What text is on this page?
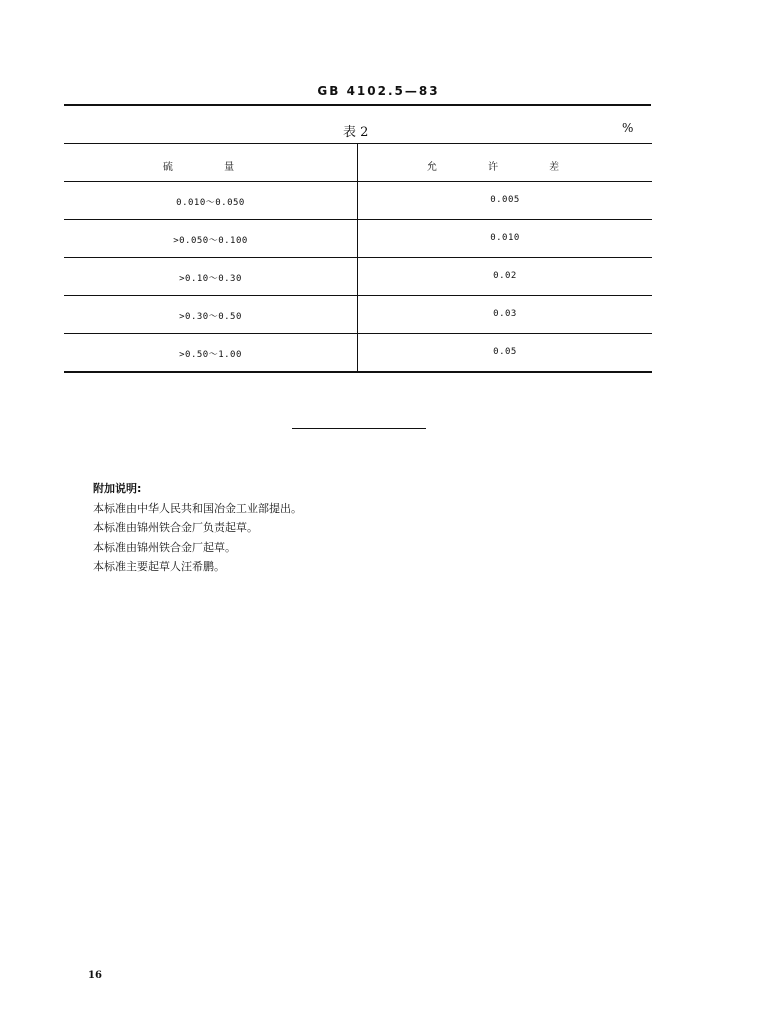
GB 4102.5—83
表 2	%
硫 量	允 许 差
0.010～0.050	0.005
>0.050～0.100	0.010
>0.10～0.30	0.02
>0.30～0.50	0.03
>0.50～1.00	0.05
附加说明:
本标准由中华人民共和国冶金工业部提出。
本标准由锦州铁合金厂负责起草。
本标准由锦州铁合金厂起草。
本标准主要起草人汪希鹏。
16
